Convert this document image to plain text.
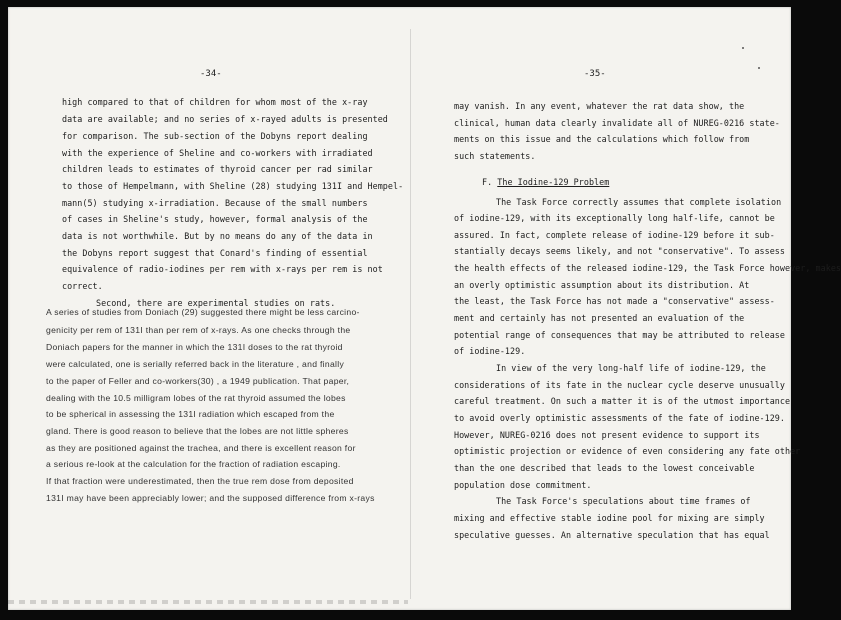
-34-
high compared to that of children for whom most of the x-ray
data are available; and no series of x-rayed adults is presented
for comparison. The sub-section of the Dobyns report dealing
with the experience of Sheline and co-workers with irradiated
children leads to estimates of thyroid cancer per rad similar
to those of Hempelmann, with Sheline (28) studying 131I and Hempel-
mann(5) studying x-irradiation. Because of the small numbers
of cases in Sheline's study, however, formal analysis of the
data is not worthwhile. But by no means do any of the data in
the Dobyns report suggest that Conard's finding of essential
equivalence of radio-iodines per rem with x-rays per rem is not
correct.
Second, there are experimental studies on rats.
A series of studies from Doniach (29) suggested there might be less carcino-
genicity per rem of 131I than per rem of x-rays. As one checks through the
Doniach papers for the manner in which the 131I doses to the rat thyroid
were calculated, one is serially referred back in the literature , and finally
to the paper of Feller and co-workers(30) , a 1949 publication. That paper,
dealing with the 10.5 milligram lobes of the rat thyroid assumed the lobes
to be spherical in assessing the 131I radiation which escaped from the
gland. There is good reason to believe that the lobes are not little spheres
as they are positioned against the trachea, and there is excellent reason for
a serious re-look at the calculation for the fraction of radiation escaping.
If that fraction were underestimated, then the true rem dose from deposited
131I may have been appreciably lower; and the supposed difference from x-rays
-35-
may vanish. In any event, whatever the rat data show, the
clinical, human data clearly invalidate all of NUREG-0216 state-
ments on this issue and the calculations which follow from
such statements.
F. The Iodine-129 Problem
The Task Force correctly assumes that complete isolation
of iodine-129, with its exceptionally long half-life, cannot be
assured. In fact, complete release of iodine-129 before it sub-
stantially decays seems likely, and not "conservative". To assess
the health effects of the released iodine-129, the Task Force however, makes
an overly optimistic assumption about its distribution. At
the least, the Task Force has not made a "conservative" assess-
ment and certainly has not presented an evaluation of the
potential range of consequences that may be attributed to release
of iodine-129.
In view of the very long-half life of iodine-129, the
considerations of its fate in the nuclear cycle deserve unusually
careful treatment. On such a matter it is of the utmost importance
to avoid overly optimistic assessments of the fate of iodine-129.
However, NUREG-0216 does not present evidence to support its
optimistic projection or evidence of even considering any fate other
than the one described that leads to the lowest conceivable
population dose commitment.
The Task Force's speculations about time frames of
mixing and effective stable iodine pool for mixing are simply
speculative guesses. An alternative speculation that has equal
